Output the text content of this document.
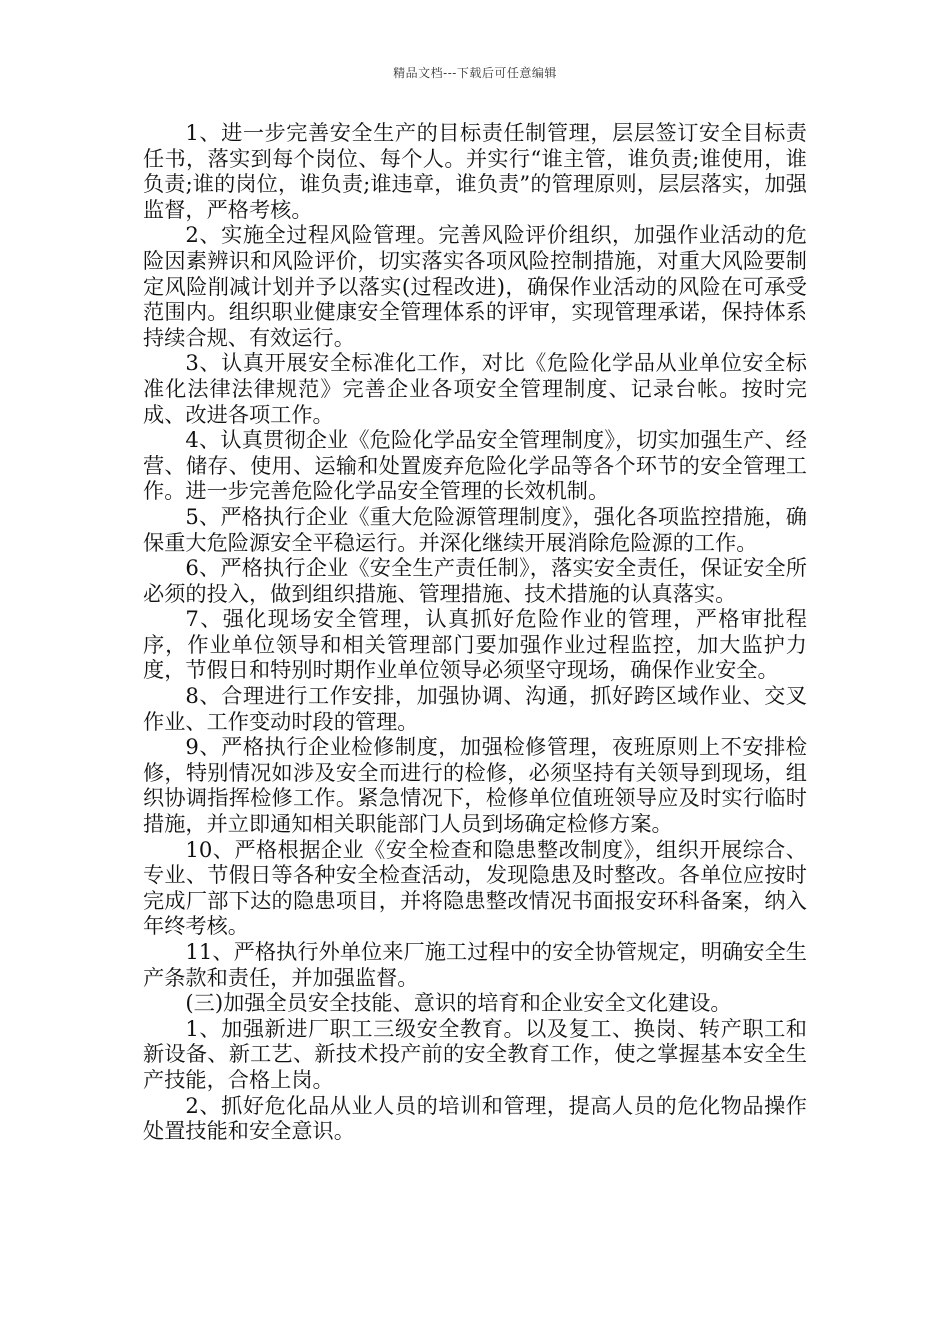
精品文档---下载后可任意编辑

1、进一步完善安全生产的目标责任制管理，层层签订安全目标责任书，落实到每个岗位、每个人。并实行“谁主管，谁负责;谁使用，谁负责;谁的岗位，谁负责;谁违章，谁负责”的管理原则，层层落实，加强监督，严格考核。

2、实施全过程风险管理。完善风险评价组织，加强作业活动的危险因素辨识和风险评价，切实落实各项风险控制措施，对重大风险要制定风险削减计划并予以落实(过程改进)，确保作业活动的风险在可承受范围内。组织职业健康安全管理体系的评审，实现管理承诺，保持体系持续合规、有效运行。

3、认真开展安全标准化工作，对比《危险化学品从业单位安全标准化法律法律规范》完善企业各项安全管理制度、记录台帐。按时完成、改进各项工作。

4、认真贯彻企业《危险化学品安全管理制度》，切实加强生产、经营、储存、使用、运输和处置废弃危险化学品等各个环节的安全管理工作。进一步完善危险化学品安全管理的长效机制。

5、严格执行企业《重大危险源管理制度》，强化各项监控措施，确保重大危险源安全平稳运行。并深化继续开展消除危险源的工作。

6、严格执行企业《安全生产责任制》，落实安全责任，保证安全所必须的投入，做到组织措施、管理措施、技术措施的认真落实。

7、强化现场安全管理，认真抓好危险作业的管理，严格审批程序，作业单位领导和相关管理部门要加强作业过程监控，加大监护力度，节假日和特别时期作业单位领导必须坚守现场，确保作业安全。

8、合理进行工作安排，加强协调、沟通，抓好跨区域作业、交叉作业、工作变动时段的管理。

9、严格执行企业检修制度，加强检修管理，夜班原则上不安排检修，特别情况如涉及安全而进行的检修，必须坚持有关领导到现场，组织协调指挥检修工作。紧急情况下，检修单位值班领导应及时实行临时措施，并立即通知相关职能部门人员到场确定检修方案。

10、严格根据企业《安全检查和隐患整改制度》，组织开展综合、专业、节假日等各种安全检查活动，发现隐患及时整改。各单位应按时完成厂部下达的隐患项目，并将隐患整改情况书面报安环科备案，纳入年终考核。

11、严格执行外单位来厂施工过程中的安全协管规定，明确安全生产条款和责任，并加强监督。

(三)加强全员安全技能、意识的培育和企业安全文化建设。

1、加强新进厂职工三级安全教育。以及复工、换岗、转产职工和新设备、新工艺、新技术投产前的安全教育工作，使之掌握基本安全生产技能，合格上岗。

2、抓好危化品从业人员的培训和管理，提高人员的危化物品操作处置技能和安全意识。
